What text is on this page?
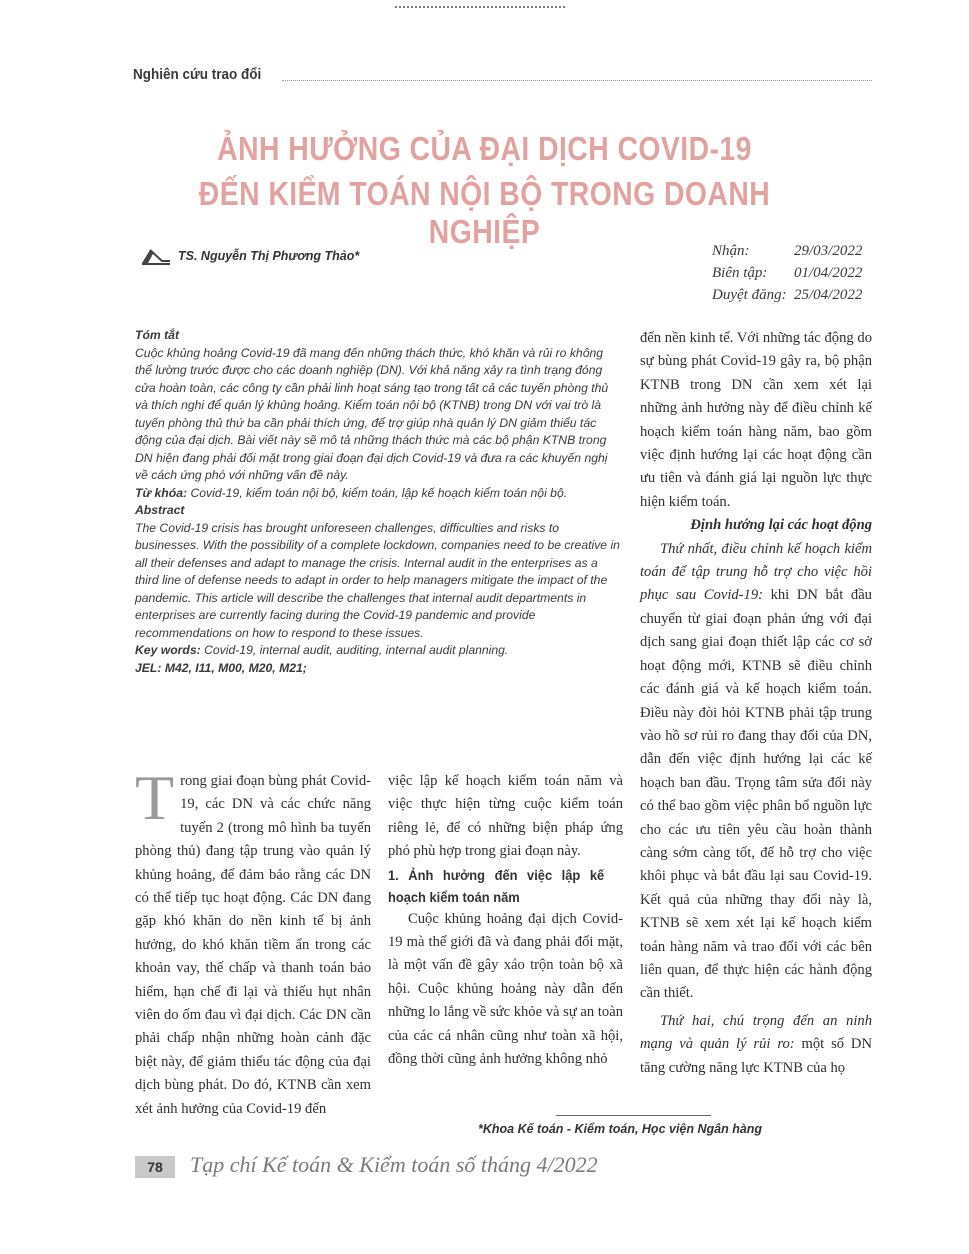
Nghiên cứu trao đổi
ẢNH HƯỞNG CỦA ĐẠI DỊCH COVID-19
ĐẾN KIỂM TOÁN NỘI BỘ TRONG DOANH NGHIỆP
TS. Nguyễn Thị Phương Thảo*	Nhận:	29/03/2022
Biên tập:	01/04/2022
Duyệt đăng: 25/04/2022

Tóm tắt

Cuộc khủng hoảng Covid-19 đã mang đến những thách thức, khó khăn và rủi ro không thể lường trước được cho các doanh nghiệp (DN). Với khả năng xảy ra tình trạng đóng cửa hoàn toàn, các công ty cần phải linh hoạt sáng tạo trong tất cả các tuyến phòng thủ và thích nghi để quản lý khủng hoảng. Kiểm toán nội bộ (KTNB) trong DN với vai trò là tuyến phòng thủ thứ ba cần phải thích ứng, để trợ giúp nhà quản lý DN giảm thiểu tác động của đại dịch. Bài viết này sẽ mô tả những thách thức mà các bộ phận KTNB trong DN hiện đang phải đối mặt trong giai đoạn đại dịch Covid-19 và đưa ra các khuyến nghị về cách ứng phó với những vấn đề này.

Từ khóa: Covid-19, kiểm toán nội bộ, kiểm toán, lập kế hoạch kiểm toán nội bộ.

Abstract

The Covid-19 crisis has brought unforeseen challenges, difficulties and risks to businesses. With the possibility of a complete lockdown, companies need to be creative in all their defenses and adapt to manage the crisis. Internal audit in the enterprises as a third line of defense needs to adapt in order to help managers mitigate the impact of the pandemic. This article will describe the challenges that internal audit departments in enterprises are currently facing during the Covid-19 pandemic and provide recommendations on how to respond to these issues.

Key words: Covid-19, internal audit, auditing, internal audit planning.

JEL: M42, I11, M00, M20, M21;

Trong giai đoạn bùng phát Covid-19, các DN và các chức năng tuyến 2 (trong mô hình ba tuyến phòng thủ) đang tập trung vào quản lý khủng hoảng, để đảm bảo rằng các DN có thể tiếp tục hoạt động. Các DN đang gặp khó khăn do nền kinh tế bị ảnh hưởng, do khó khăn tiềm ẩn trong các khoản vay, thế chấp và thanh toán bảo hiểm, hạn chế đi lại và thiếu hụt nhân viên do ốm đau vì đại dịch. Các DN cần phải chấp nhận những hoàn cảnh đặc biệt này, để giảm thiểu tác động của đại dịch bùng phát. Do đó, KTNB cần xem xét ảnh hưởng của Covid-19 đến

việc lập kế hoạch kiểm toán năm và việc thực hiện từng cuộc kiểm toán riêng lẻ, để có những biện pháp ứng phó phù hợp trong giai đoạn này.

1. Ảnh hưởng đến việc lập kế hoạch kiểm toán năm

Cuộc khủng hoảng đại dịch Covid-19 mà thế giới đã và đang phải đối mặt, là một vấn đề gây xáo trộn toàn bộ xã hội. Cuộc khủng hoảng này dẫn đến những lo lắng về sức khỏe và sự an toàn của các cá nhân cũng như toàn xã hội, đồng thời cũng ảnh hưởng không nhỏ

đến nền kinh tế. Với những tác động do sự bùng phát Covid-19 gây ra, bộ phận KTNB trong DN cần xem xét lại những ảnh hưởng này để điều chỉnh kế hoạch kiểm toán hàng năm, bao gồm việc định hướng lại các hoạt động cần ưu tiên và đánh giá lại nguồn lực thực hiện kiểm toán.

Định hướng lại các hoạt động

Thứ nhất, điều chỉnh kế hoạch kiểm toán để tập trung hỗ trợ cho việc hồi phục sau Covid-19: khi DN bắt đầu chuyển từ giai đoạn phản ứng với đại dịch sang giai đoạn thiết lập các cơ sở hoạt động mới, KTNB sẽ điều chỉnh các đánh giá và kế hoạch kiểm toán. Điều này đòi hỏi KTNB phải tập trung vào hồ sơ rủi ro đang thay đổi của DN, dẫn đến việc định hướng lại các kế hoạch ban đầu. Trọng tâm sửa đổi này có thể bao gồm việc phân bổ nguồn lực cho các ưu tiên yêu cầu hoàn thành càng sớm càng tốt, để hỗ trợ cho việc khôi phục và bắt đầu lại sau Covid-19. Kết quả của những thay đổi này là, KTNB sẽ xem xét lại kế hoạch kiểm toán hàng năm và trao đổi với các bên liên quan, để thực hiện các hành động cần thiết.

Thứ hai, chú trọng đến an ninh mạng và quản lý rủi ro: một số DN tăng cường năng lực KTNB của họ

*Khoa Kế toán - Kiểm toán, Học viện Ngân hàng
78 Tạp chí Kế toán & Kiểm toán số tháng 4/2022
